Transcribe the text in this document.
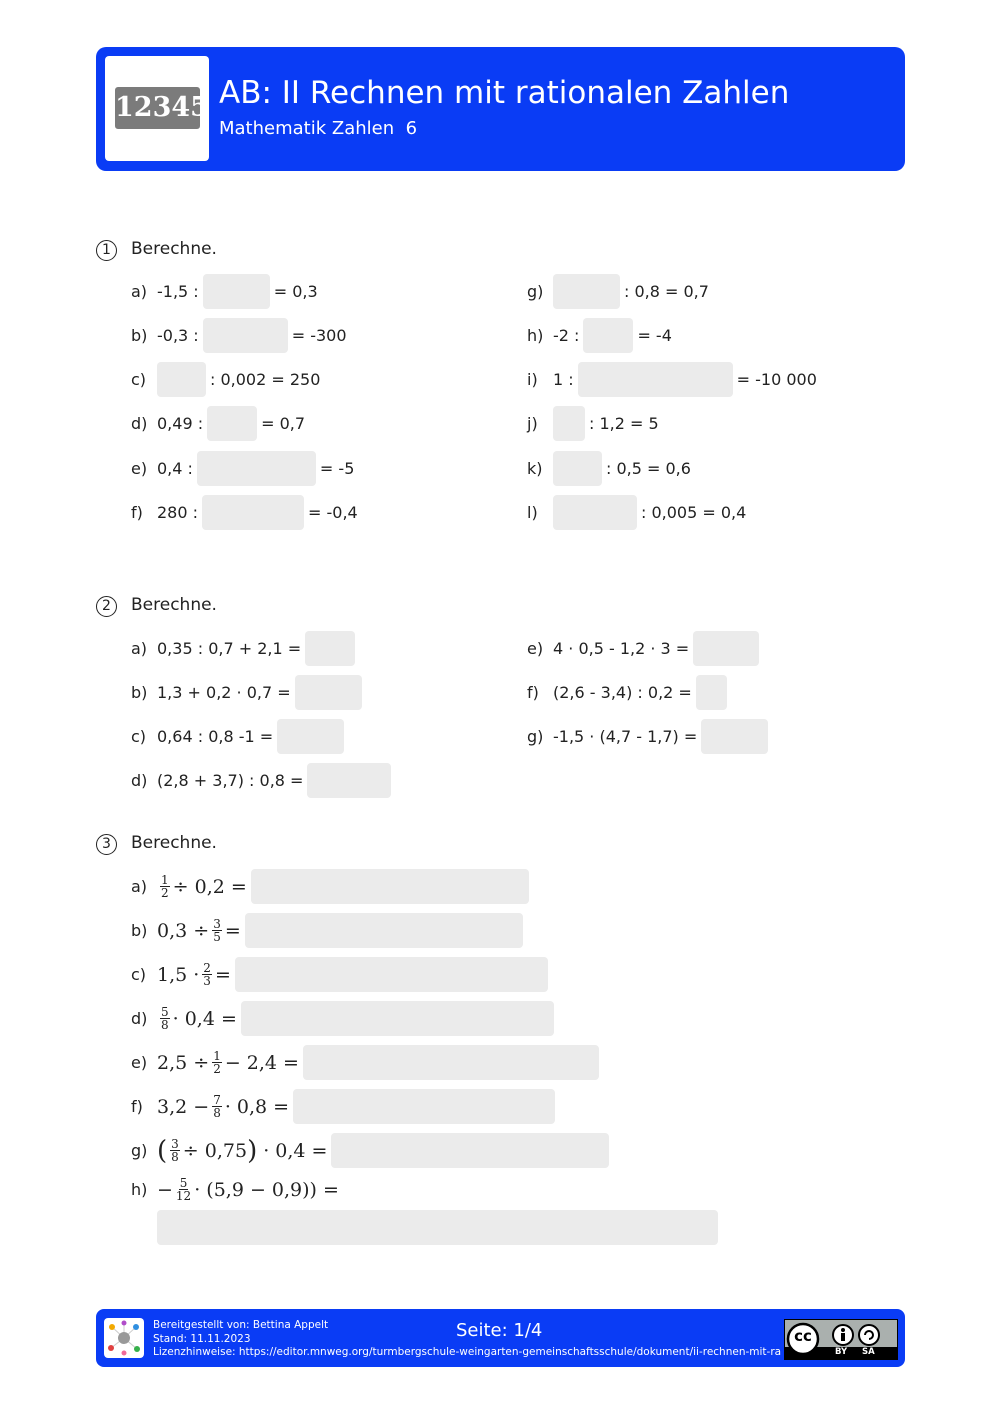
12345 AB: II Rechnen mit rationalen Zahlen
Mathematik Zahlen  6
1	Berechne.
a) -1,5 :	= 0,3
b) -0,3 :	= -300
c)	: 0,002 = 250
d) 0,49 :	= 0,7
e) 0,4 :	= -5
f) 280 :	= -0,4
g)	: 0,8 = 0,7
h) -2 :	= -4
i) 1 :	= -10 000
j)	: 1,2 = 5
k)	: 0,5 = 0,6
l)	: 0,005 = 0,4
2	Berechne.
a) 0,35 : 0,7 + 2,1 =
b) 1,3 + 0,2 · 0,7 =
c) 0,64 : 0,8 -1 =
d) (2,8 + 3,7) : 0,8 =
e) 4 · 0,5 - 1,2 · 3 =
f) (2,6 - 3,4) : 0,2 =
g) -1,5 · (4,7 - 1,7) =
3	Berechne.
a)	$\frac{1}{2} \div 0,2$ =
b) $0,3 \div \frac{3}{5}$ =
c) $1,5 \cdot \frac{2}{3}$ =
d)	$\frac{5}{8} \cdot 0,4$ =
e) $2,5 \div \frac{1}{2} - 2,4$ =
f) $3,2 - \frac{7}{8} \cdot 0,8$ =
g) ( $\frac{3}{8} \div 0,75$ ) · 0,4 =
$h) - \frac{5}{12} \cdot (5,9 - 0,9)$) =
Bereitgestellt von: Bettina Appelt
Stand: 11.11.2023
Lizenzhinweise: https://editor.mnweg.org/turmbergschule-weingarten-gemeinschaftsschule/dokument/ii-rechnen-mit-ra
Seite: 1/4	cc
BY SA
